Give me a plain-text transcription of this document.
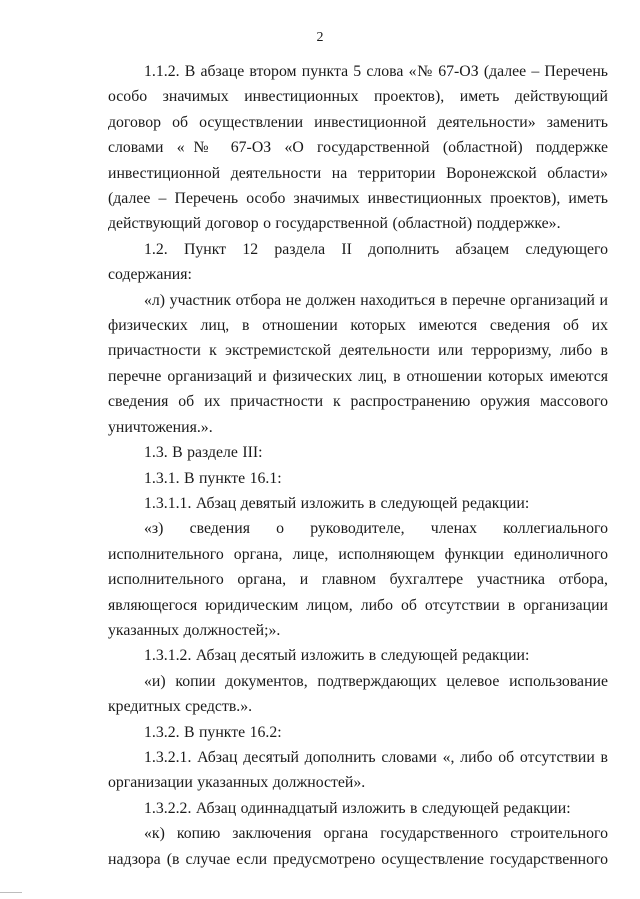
2

1.1.2. В абзаце втором пункта 5 слова «№ 67-ОЗ (далее – Перечень особо значимых инвестиционных проектов), иметь действующий договор об осуществлении инвестиционной деятельности» заменить словами «№ 67-ОЗ «О государственной (областной) поддержке инвестиционной деятельности на территории Воронежской области» (далее – Перечень особо значимых инвестиционных проектов), иметь действующий договор о государственной (областной) поддержке».

1.2. Пункт 12 раздела II дополнить абзацем следующего содержания:

«л) участник отбора не должен находиться в перечне организаций и физических лиц, в отношении которых имеются сведения об их причастности к экстремистской деятельности или терроризму, либо в перечне организаций и физических лиц, в отношении которых имеются сведения об их причастности к распространению оружия массового уничтожения.».

1.3. В разделе III:

1.3.1. В пункте 16.1:

1.3.1.1. Абзац девятый изложить в следующей редакции:

«з) сведения о руководителе, членах коллегиального исполнительного органа, лице, исполняющем функции единоличного исполнительного органа, и главном бухгалтере участника отбора, являющегося юридическим лицом, либо об отсутствии в организации указанных должностей;».

1.3.1.2. Абзац десятый изложить в следующей редакции:

«и) копии документов, подтверждающих целевое использование кредитных средств.».

1.3.2. В пункте 16.2:

1.3.2.1. Абзац десятый дополнить словами «, либо об отсутствии в организации указанных должностей».

1.3.2.2. Абзац одиннадцатый изложить в следующей редакции:

«к) копию заключения органа государственного строительного надзора (в случае если предусмотрено осуществление государственного
